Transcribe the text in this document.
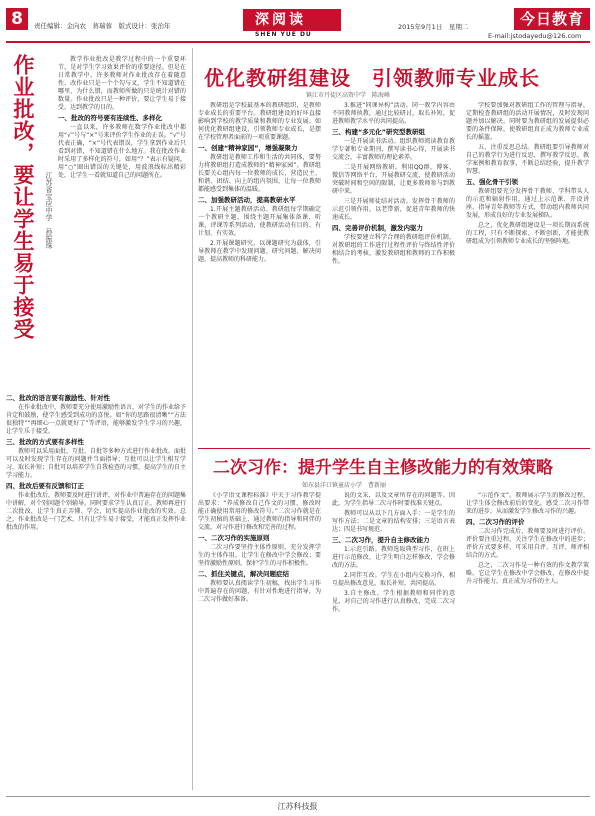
8	责任编辑：金向农　蒋瑞蓉　版式设计：张治年	深阅读
SHEN YUE DU
2015年9月1日　星期二	今日教育
E-mail:jstodayedu@126.com
作业批改，要让学生易于接受	江苏省宝应中学　孙振珠

教学作业批改是教学过程中的一个重要环节，是对学生学习效果评价的重要途径。但是在日常教学中，许多教师对作业批改存在着随意性，改作业只是一个个勾与叉，学生不知道错在哪里、为什么错，而教师所做的只是统计对错的数量。作业批改只是一种评价，要让学生易于接受，达到教学的目的。

一、批改的符号要有连续性、多样化

一直以来，许多教师在数学作业批改中都用“√”号与“×”号来评价学生作业的正误。“√”号代表正确，“×”号代表错误，学生拿到作业后只看到对错，不知道错在什么地方。我在批改作业时采用了多样化的符号，如用“？”表示有疑问，用“○”圈出错误的关键处，用波浪线标出精彩处，让学生一看就知道自己的问题所在。

二、批改的语言要有激励性、针对性

在作业批改中，教师要充分使用激励性语言，对学生的作业给予肯定和鼓励，使学生感受到成功的喜悦。如“你的思路很清晰”“方法很独特”“再细心一点就更好了”等评语，能够激发学生学习的兴趣，让学生乐于接受。

三、批改的方式要有多样性

教师可以采用面批、互批、自批等多种方式进行作业批改。面批可以及时发现学生存在的问题并当面指导；互批可以让学生相互学习，取长补短；自批可以培养学生自我检查的习惯，提高学生的自主学习能力。

四、批改后要有反馈和订正

作业批改后，教师要及时进行讲评，对作业中普遍存在的问题集中讲解，对个别问题个别辅导。同时要求学生认真订正，教师再进行二次批改，让学生真正弄懂、学会，切实提高作业批改的实效。总之，作业批改是一门艺术，只有让学生易于接受，才能真正发挥作业批改的作用。

优化教研组建设　引领教师专业成长
镇江市丹徒区高资中学　陈海峰

教研组是学校最基本的教研组织，是教师专业成长的重要平台。教研组建设的好坏直接影响到学校的教学质量和教师的专业发展。如何优化教研组建设，引领教师专业成长，是摆在学校管理者面前的一项重要课题。

一、创建“精神家园”，增强凝聚力

教研组是教师工作和生活的共同体，要努力将教研组打造成教师的“精神家园”。教研组长要关心组内每一位教师的成长，营造民主、和谐、团结、向上的组内氛围，让每一位教师都能感受到集体的温暖。

二、加强教研活动，提高教研水平

1.开展主题教研活动。教研组每学期确定一个教研主题，围绕主题开展集体备课、听课、评课等系列活动，使教研活动有目的、有计划、有实效。

2.开展课题研究。以课题研究为载体，引导教师在教学中发现问题、研究问题、解决问题，提高教师的科研能力。

3.推进“同课异构”活动。同一教学内容由不同教师执教，通过比较研讨，取长补短，促进教师教学水平的共同提高。

三、构建“多元化”研究型教研组

一是开展读书活动。组织教师阅读教育教学专著和专业期刊，撰写读书心得，开展读书交流会，丰富教师的理论素养。

二是开展网络教研。利用QQ群、博客、微信等网络平台，开展教研交流，使教研活动突破时间和空间的限制，让更多教师参与到教研中来。

三是开展师徒结对活动。发挥骨干教师的示范引领作用，以老带新，促进青年教师的快速成长。

四、完善评价机制，激发内驱力

学校要建立科学合理的教研组评价机制，对教研组的工作进行过程性评价与终结性评价相结合的考核，激发教研组和教师的工作积极性。

学校要加强对教研组工作的管理与指导，定期检查教研组的活动开展情况，及时发现问题并加以解决。同时要为教研组的发展提供必要的条件保障，使教研组真正成为教师专业成长的摇篮。

五、注重反思总结。教研组要引导教师对自己的教学行为进行反思，撰写教学反思、教学案例和教育叙事，不断总结经验，提升教学智慧。

五、强化骨干引领

教研组要充分发挥骨干教师、学科带头人的示范和辐射作用，通过上示范课、开设讲座、指导青年教师等方式，带动组内教师共同发展，形成良好的专业发展梯队。

总之，优化教研组建设是一项长期而系统的工程，只有不断探索、不断创新，才能使教研组成为引领教师专业成长的坚强阵地。

二次习作：提升学生自主修改能力的有效策略
如东县洋口镇童店小学　曹新丽

《小学语文课程标准》中关于习作教学提出要求：“养成修改自己作文的习惯，修改时能正确使用常用的修改符号。”二次习作就是在学生初稿的基础上，通过教师的指导和同伴的交流，对习作进行修改和完善的过程。

一、二次习作的实施原则

二次习作要坚持主体性原则，充分发挥学生的主体作用，让学生在修改中学会修改；要坚持激励性原则，保护学生的习作积极性。

二、抓住关键点，解决问题症结

教师要认真阅读学生初稿，找出学生习作中普遍存在的问题，有针对性地进行指导，为二次习作做好准备。

说的文采，以及文章所存在的问题等。因此，为学生指导二次习作时要找准关键点。

教师可以从以下几方面入手：一是学生的写作方法；二是文章的结构安排；三是语言表达；四是书写规范。

三、二次习作，提升自主修改能力

1.示范引路。教师选取典型习作，在班上进行示范修改，让学生明白怎样修改，学会修改的方法。

2.同伴互改。学生在小组内交换习作，相互提出修改意见，取长补短，共同提高。

3.自主修改。学生根据教师和同伴的意见，对自己的习作进行认真修改，完成二次习作。

“示范作文”。教师展示学生的修改过程，让学生体会修改前后的变化，感受二次习作带来的进步，从而激发学生修改习作的兴趣。

四、二次习作的评价

二次习作完成后，教师要及时进行评价。评价要注重过程，关注学生在修改中的进步；评价方式要多样，可采用自评、互评、师评相结合的方式。

总之，二次习作是一种有效的作文教学策略。它让学生在修改中学会修改，在修改中提升习作能力，真正成为习作的主人。

江苏科技报
